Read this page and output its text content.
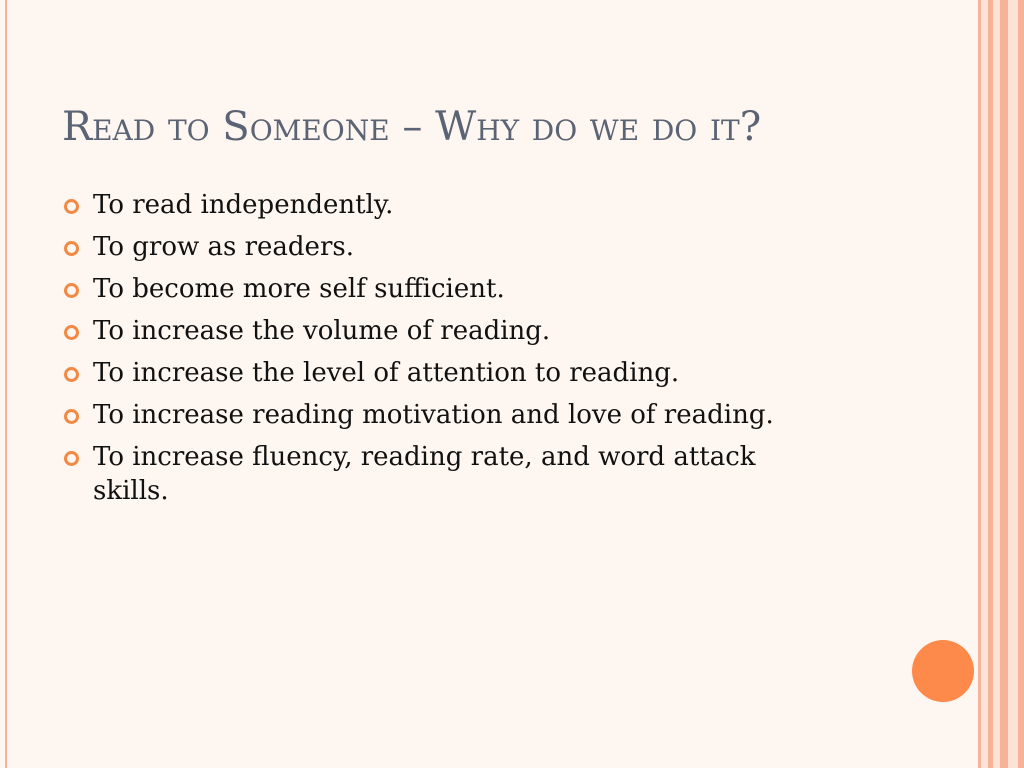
Read to Someone – Why do we do it?
To read independently.
To grow as readers.
To become more self sufficient.
To increase the volume of reading.
To increase the level of attention to reading.
To increase reading motivation and love of reading.
To increase fluency, reading rate, and word attack skills.
